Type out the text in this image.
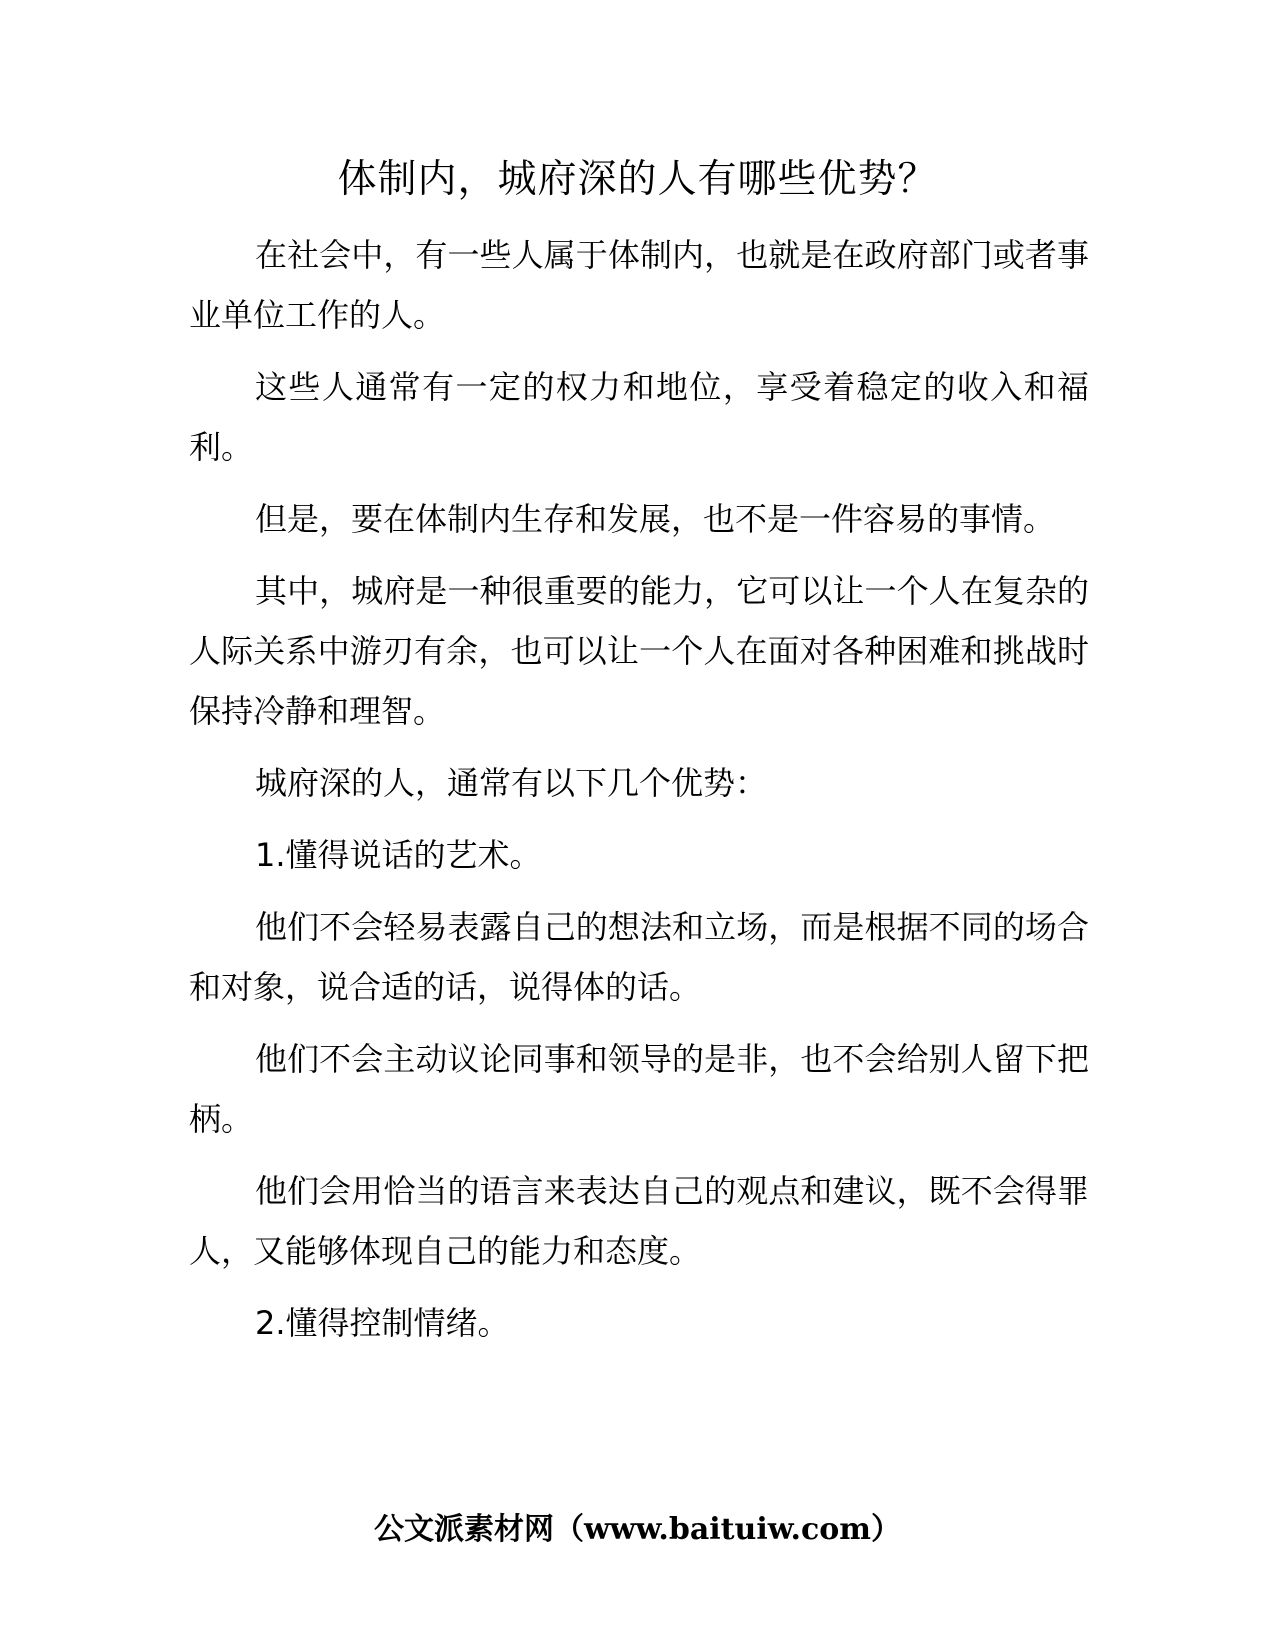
体制内，城府深的人有哪些优势？

在社会中，有一些人属于体制内，也就是在政府部门或者事业单位工作的人。

这些人通常有一定的权力和地位，享受着稳定的收入和福利。

但是，要在体制内生存和发展，也不是一件容易的事情。

其中，城府是一种很重要的能力，它可以让一个人在复杂的人际关系中游刃有余，也可以让一个人在面对各种困难和挑战时保持冷静和理智。

城府深的人，通常有以下几个优势：

1.懂得说话的艺术。

他们不会轻易表露自己的想法和立场，而是根据不同的场合和对象，说合适的话，说得体的话。

他们不会主动议论同事和领导的是非，也不会给别人留下把柄。

他们会用恰当的语言来表达自己的观点和建议，既不会得罪人，又能够体现自己的能力和态度。

2.懂得控制情绪。

公文派素材网（www.baituiw.com）
